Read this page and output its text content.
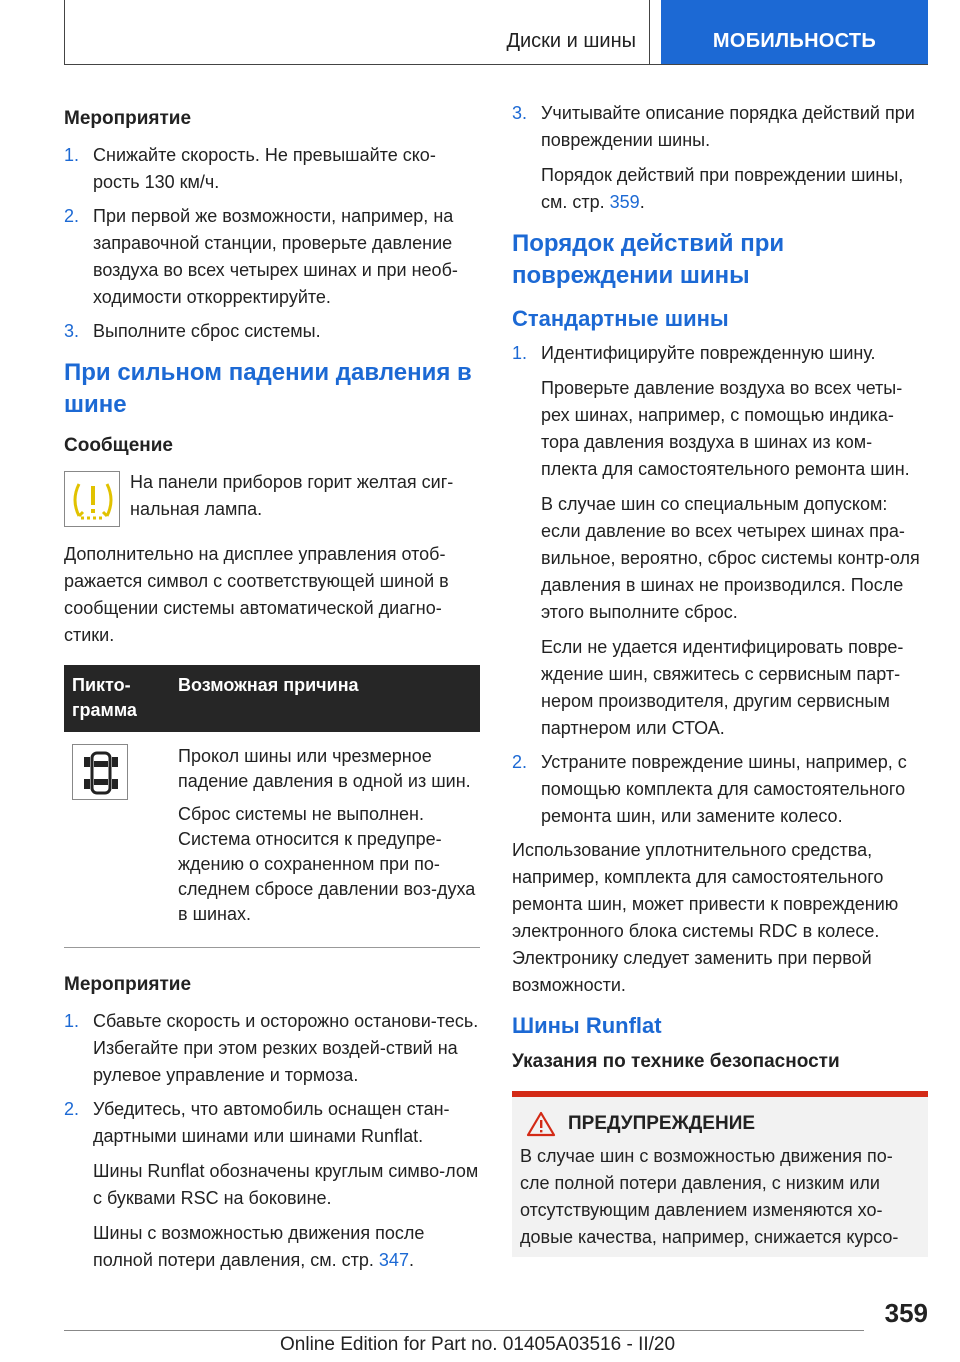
Диски и шины	МОБИЛЬНОСТЬ
Мероприятие
1. Снижайте скорость. Не превышайте ско-рость 130 км/ч.

2. При первой же возможности, например, на заправочной станции, проверьте давление воздуха во всех четырех шинах и при необ-ходимости откорректируйте.

3. Выполните сброс системы.

При сильном падении давления в шине
Сообщение
На панели приборов горит желтая сиг-нальная лампа.
Дополнительно на дисплее управления отоб-ражается символ с соответствующей шиной в сообщении системы автоматической диагно-стики.
Пикто-грамма
Возможная причина

Прокол шины или чрезмерное падение давления в одной из шин.

Сброс системы не выполнен. Система относится к предупре-ждению о сохраненном при по-следнем сбросе давлении воз-духа в шинах.

Мероприятие
1. Сбавьте скорость и осторожно останови-тесь. Избегайте при этом резких воздей-ствий на рулевое управление и тормоза.

2. Убедитесь, что автомобиль оснащен стан-дартными шинами или шинами Runflat.

Шины Runflat обозначены круглым симво-лом с буквами RSC на боковине.

Шины с возможностью движения после полной потери давления, см. стр. 347.

3. Учитывайте описание порядка действий при повреждении шины.

Порядок действий при повреждении шины, см. стр. 359.

Порядок действий при повреждении шины
Стандартные шины
1. Идентифицируйте поврежденную шину.

Проверьте давление воздуха во всех четы-рех шинах, например, с помощью индика-тора давления воздуха в шинах из ком-плекта для самостоятельного ремонта шин.

В случае шин со специальным допуском: если давление во всех четырех шинах пра-вильное, вероятно, сброс системы контр-оля давления в шинах не производился. После этого выполните сброс.

Если не удается идентифицировать повре-ждение шин, свяжитесь с сервисным парт-нером производителя, другим сервисным партнером или СТОА.

2. Устраните повреждение шины, например, с помощью комплекта для самостоятельного ремонта шин, или замените колесо.

Использование уплотнительного средства, например, комплекта для самостоятельного ремонта шин, может привести к повреждению электронного блока системы RDC в колесе. Электронику следует заменить при первой возможности.
Шины Runflat
Указания по технике безопасности
ПРЕДУПРЕЖДЕНИЕ
В случае шин с возможностью движения по-сле полной потери давления, с низким или отсутствующим давлением изменяются хо-довые качества, например, снижается курсо-
359
Online Edition for Part no. 01405A03516 - II/20
